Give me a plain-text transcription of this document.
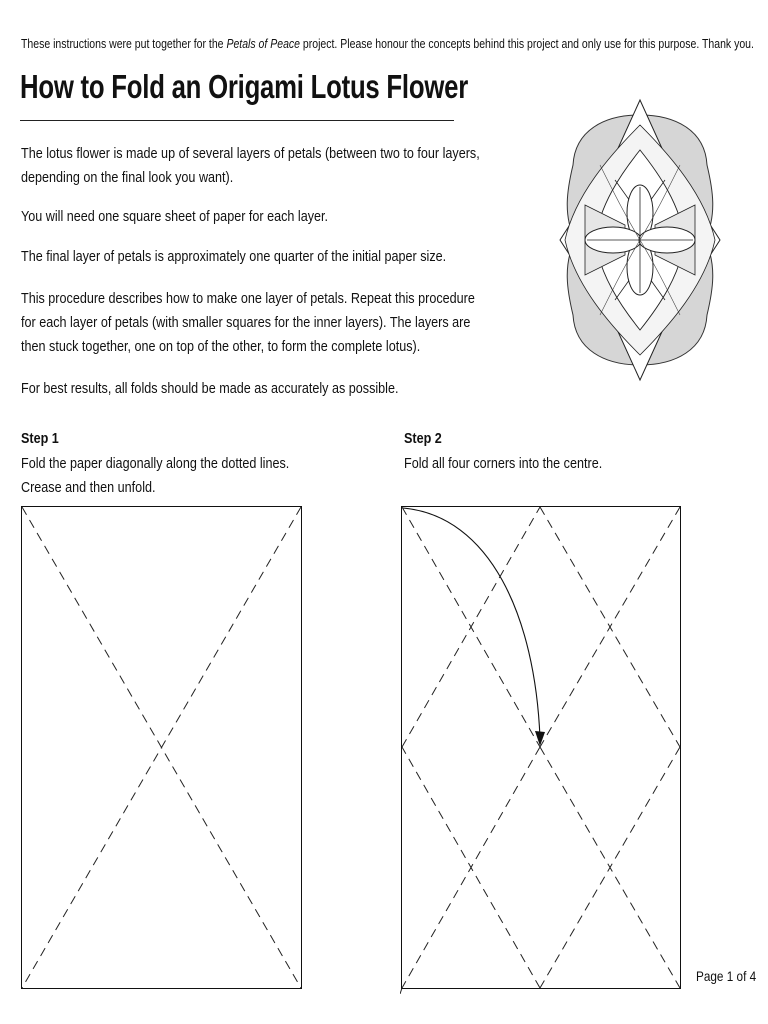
These instructions were put together for the Petals of Peace project. Please honour the concepts behind this project and only use for this purpose. Thank you.
How to Fold an Origami Lotus Flower
The lotus flower is made up of several layers of petals (between two to four layers,
depending on the final look you want).
You will need one square sheet of paper for each layer.
The final layer of petals is approximately one quarter of the initial paper size.
This procedure describes how to make one layer of petals. Repeat this procedure
for each layer of petals (with smaller squares for the inner layers). The layers are
then stuck together, one on top of the other, to form the complete lotus).
For best results, all folds should be made as accurately as possible.
Step 1
Fold the paper diagonally along the dotted lines.
Crease and then unfold.
Step 2
Fold all four corners into the centre.
Page 1 of 4
